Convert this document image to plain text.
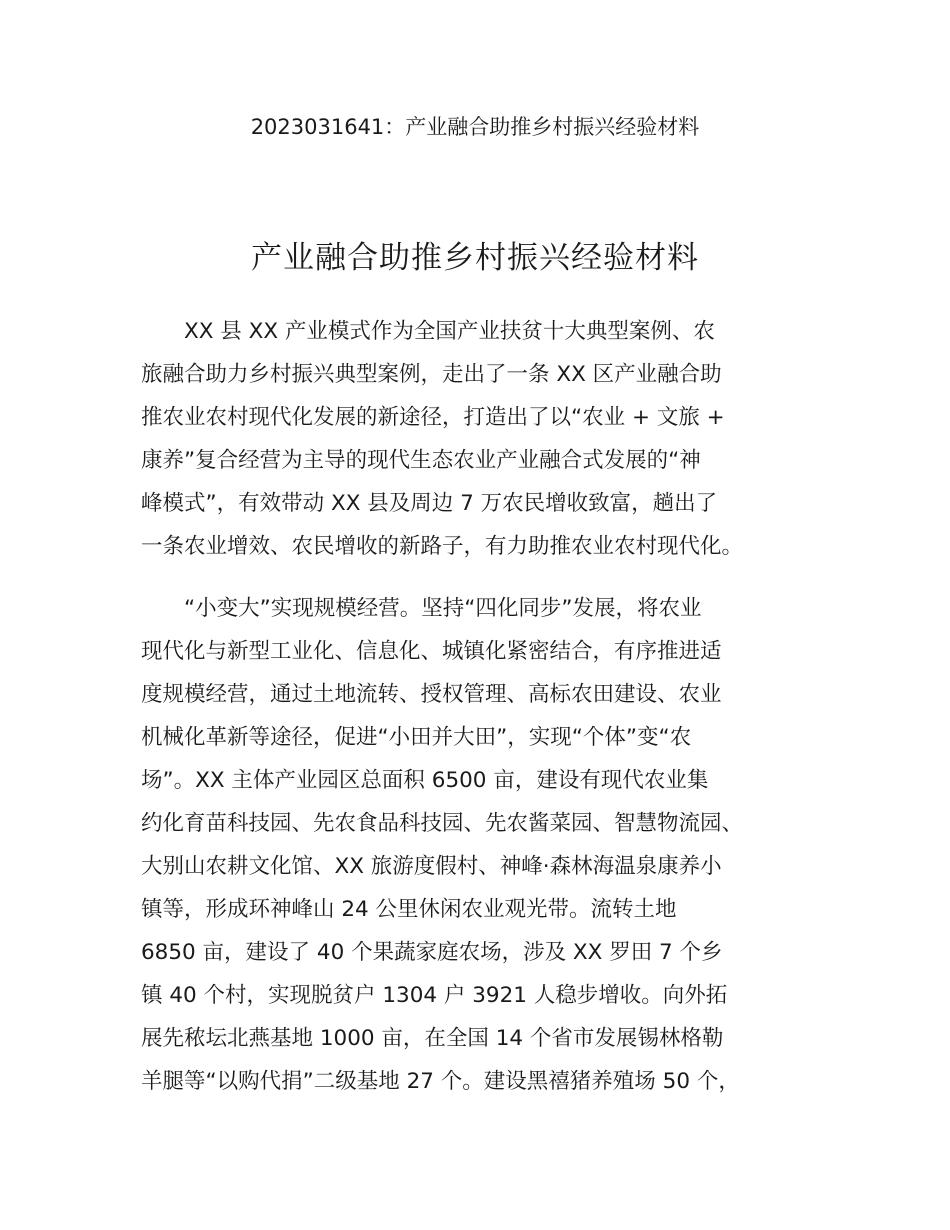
2023031641：产业融合助推乡村振兴经验材料
产业融合助推乡村振兴经验材料
　　XX 县 XX 产业模式作为全国产业扶贫十大典型案例、农
旅融合助力乡村振兴典型案例，走出了一条 XX 区产业融合助
推农业农村现代化发展的新途径，打造出了以“农业 + 文旅 +
康养”复合经营为主导的现代生态农业产业融合式发展的“神
峰模式”，有效带动 XX 县及周边 7 万农民增收致富，趟出了
一条农业增效、农民增收的新路子，有力助推农业农村现代化。
　　“小变大”实现规模经营。坚持“四化同步”发展，将农业
现代化与新型工业化、信息化、城镇化紧密结合，有序推进适
度规模经营，通过土地流转、授权管理、高标农田建设、农业
机械化革新等途径，促进“小田并大田”，实现“个体”变“农
场”。XX 主体产业园区总面积 6500 亩，建设有现代农业集
约化育苗科技园、先农食品科技园、先农酱菜园、智慧物流园、
大别山农耕文化馆、XX 旅游度假村、神峰·森林海温泉康养小
镇等，形成环神峰山 24 公里休闲农业观光带。流转土地
6850 亩，建设了 40 个果蔬家庭农场，涉及 XX 罗田 7 个乡
镇 40 个村，实现脱贫户 1304 户 3921 人稳步增收。向外拓
展先秾坛北燕基地 1000 亩，在全国 14 个省市发展锡林格勒
羊腿等“以购代捐”二级基地 27 个。建设黑禧猪养殖场 50 个，
